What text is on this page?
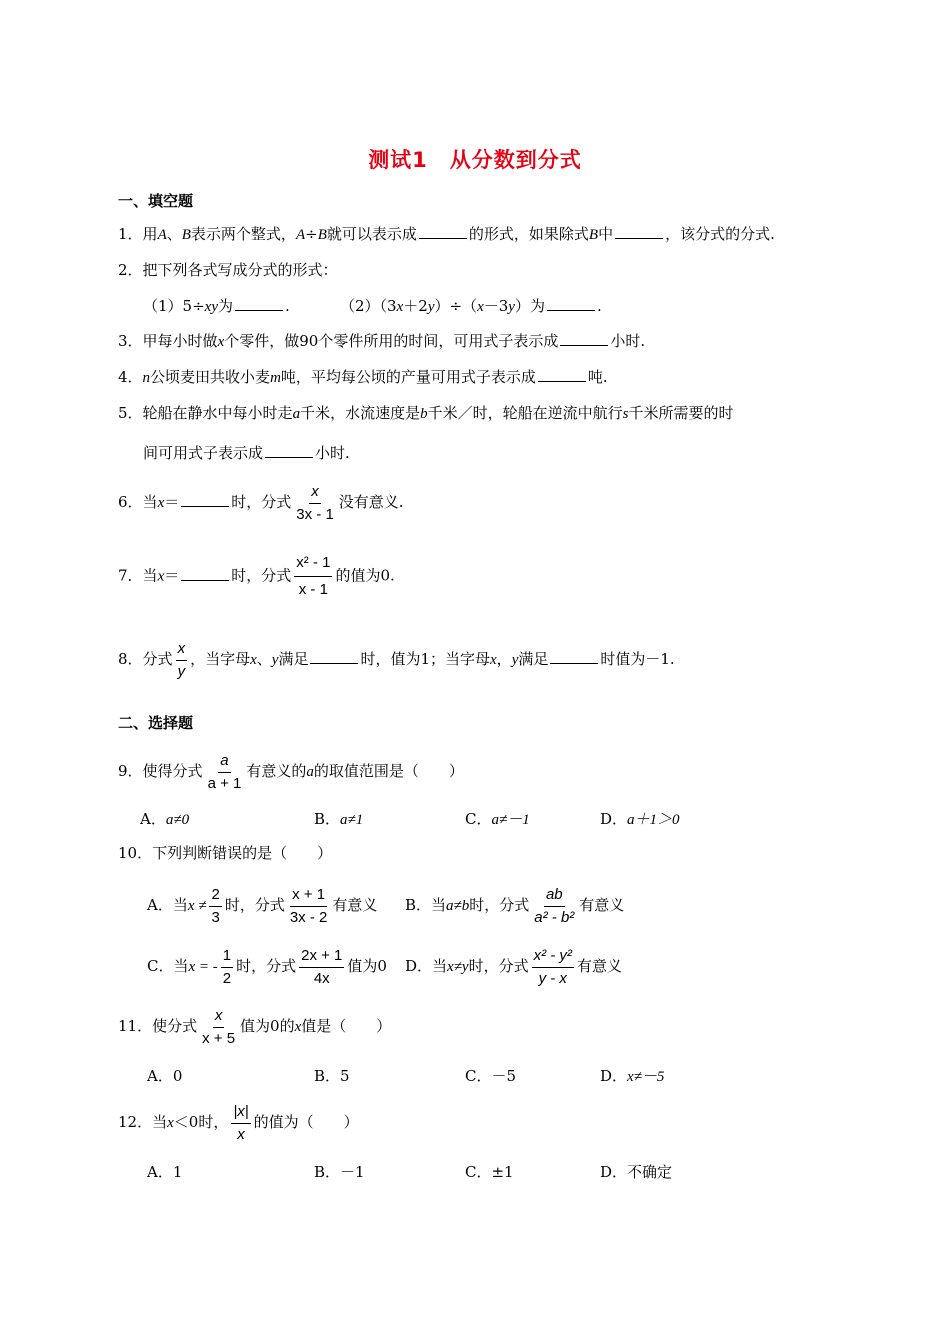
测试1　从分数到分式
一、填空题
1．用A、B表示两个整式，A÷B就可以表示成	的形式，如果除式B中	，该分式的分式.
2．把下列各式写成分式的形式：
（1）5÷xy为	.	（2）（3x＋2y）÷（x－3y）为	.
3．甲每小时做x个零件，做90个零件所用的时间，可用式子表示成	小时.
4．n公顷麦田共收小麦m吨，平均每公顷的产量可用式子表示成	吨.
5．轮船在静水中每小时走a千米，水流速度是b千米／时，轮船在逆流中航行s千米所需要的时
间可用式子表示成	小时.
6．当x＝	时，分式 $\frac{x}{3x - 1}$ 没有意义.
7．当x＝	时，分式 $\frac{\text{x² - 1}}{x - 1}$ 的值为0.
8．分式 $\frac{x}{y}$ ，当字母x、y满足	时，值为1；当字母x，y满足	时值为－1.
二、选择题
9．使得分式 $\frac{a}{a + 1}$ 有意义的a的取值范围是（　　）
A．a≠0	B．a≠1	C．a≠－1	D．a＋1＞0
10．下列判断错误的是（　　）
A．当$x \ne \frac{2}{3}$ 时，分式 $\frac{x + 1}{3x - 2}$ 有意义 B．当a≠b时，分式 $\frac{ab}{\text{a² - b²}}$ 有意义
C．当x = - $\frac{1}{2}$ 时，分式 $\frac{2x + 1}{4x}$ 值为0 D．当x≠y时，分式 $\frac{\text{x² - y²}}{y - x}$ 有意义
11．使分式 $\frac{x}{x + 5}$ 值为0的x值是（　　）
A．0	B．5	C．－5	D．x≠－5
12．当x＜0时， $\frac{|x|}{x}$ 的值为（　　）
A．1	B．－1	C．±1	D．不确定
